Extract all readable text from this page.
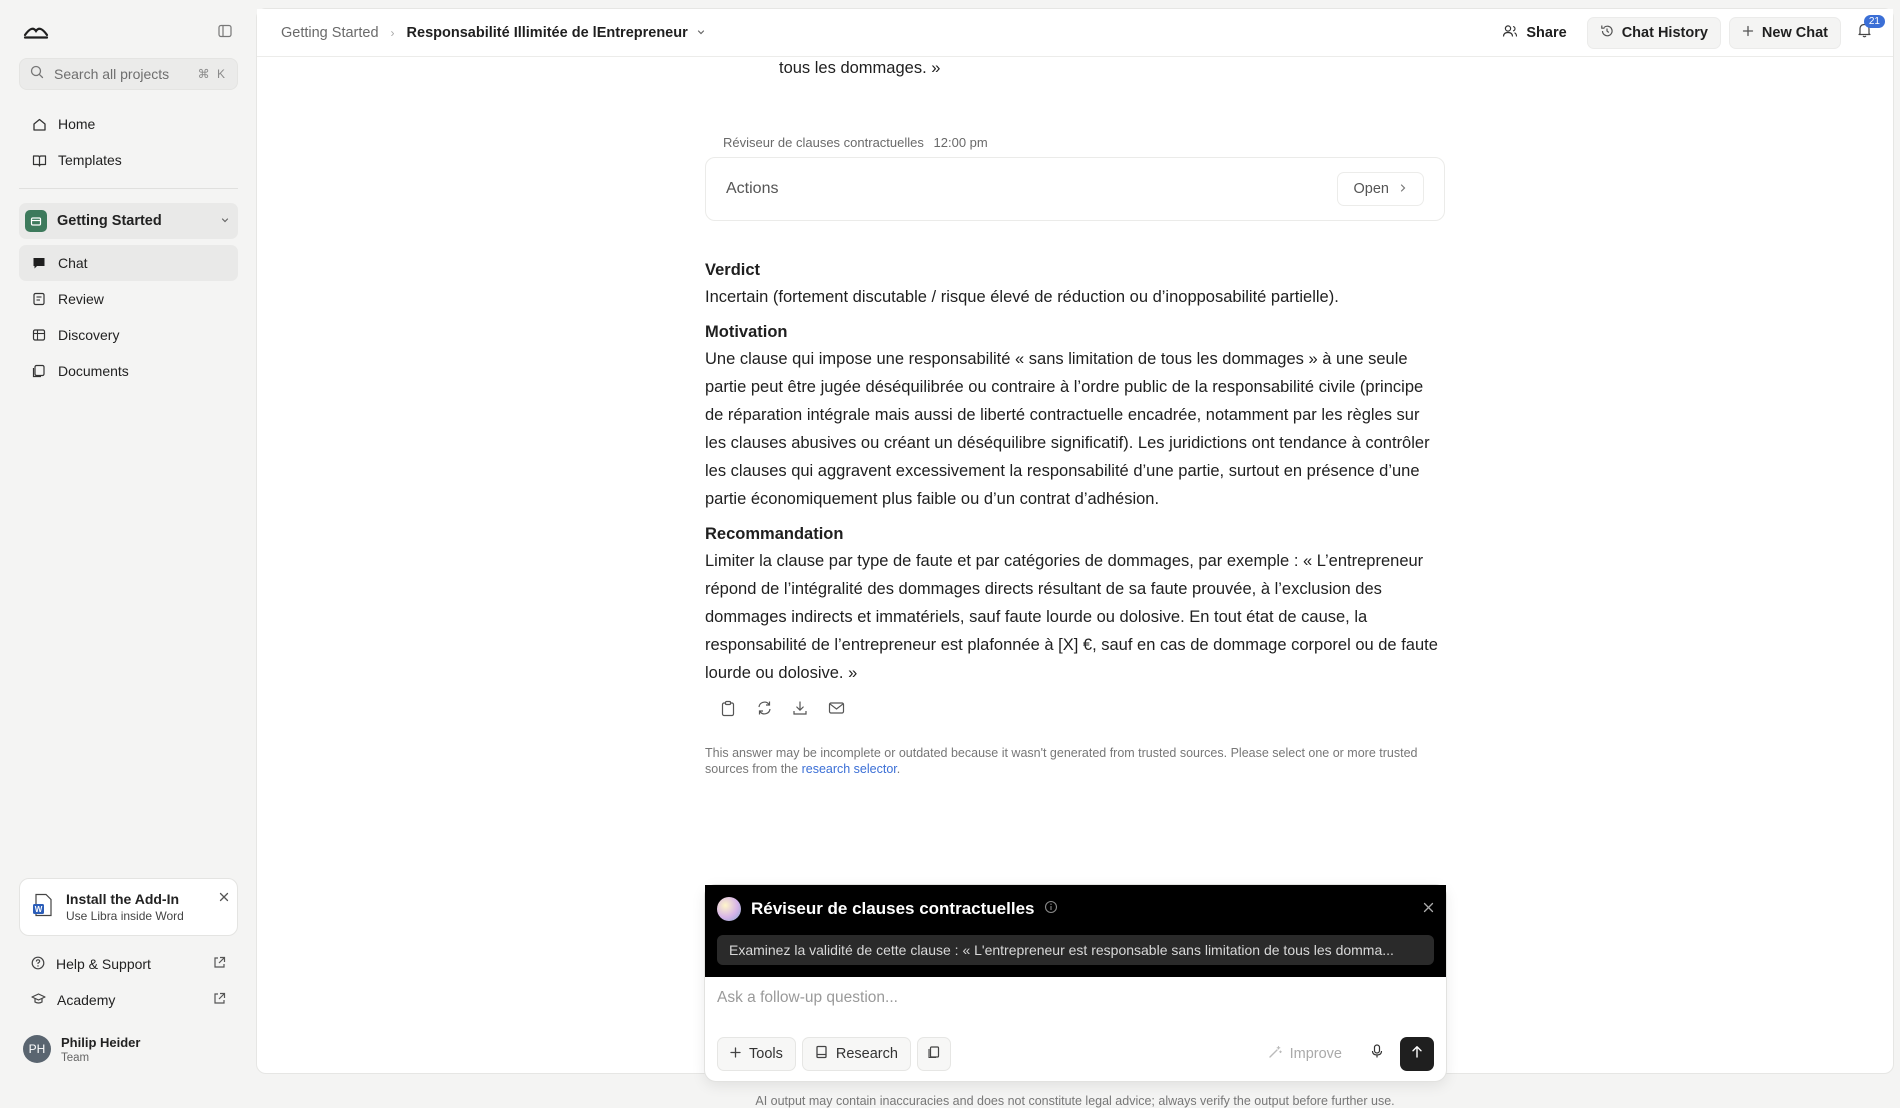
Search all projects	⌘ K
Home
Templates
Getting Started
Chat
Review
Discovery
Documents
W
Install the Add-In
Use Libra inside Word
Help & Support
Academy
PH	Philip Heider
Team
Getting Started › Responsabilité Illimitée de lEntrepreneur	Share	Chat History	New Chat
21
tous les dommages. »
Réviseur de clauses contractuelles 12:00 pm
Actions	Open
Verdict

Incertain (fortement discutable / risque élevé de réduction ou d’inopposabilité partielle).

Motivation

Une clause qui impose une responsabilité « sans limitation de tous les dommages » à une seule partie peut être jugée déséquilibrée ou contraire à l’ordre public de la responsabilité civile (principe de réparation intégrale mais aussi de liberté contractuelle encadrée, notamment par les règles sur les clauses abusives ou créant un déséquilibre significatif). Les juridictions ont tendance à contrôler les clauses qui aggravent excessivement la responsabilité d’une partie, surtout en présence d’une partie économiquement plus faible ou d’un contrat d’adhésion.

Recommandation

Limiter la clause par type de faute et par catégories de dommages, par exemple : « L’entrepreneur répond de l’intégralité des dommages directs résultant de sa faute prouvée, à l’exclusion des dommages indirects et immatériels, sauf faute lourde ou dolosive. En tout état de cause, la responsabilité de l’entrepreneur est plafonnée à [X] €, sauf en cas de dommage corporel ou de faute lourde ou dolosive. »

This answer may be incomplete or outdated because it wasn't generated from trusted sources. Please select one or more trusted sources from the research selector.
Réviseur de clauses contractuelles
Examinez la validité de cette clause : « L'entrepreneur est responsable sans limitation de tous les domma...
Ask a follow-up question...
Tools	Research	Improve
AI output may contain inaccuracies and does not constitute legal advice; always verify the output before further use.
